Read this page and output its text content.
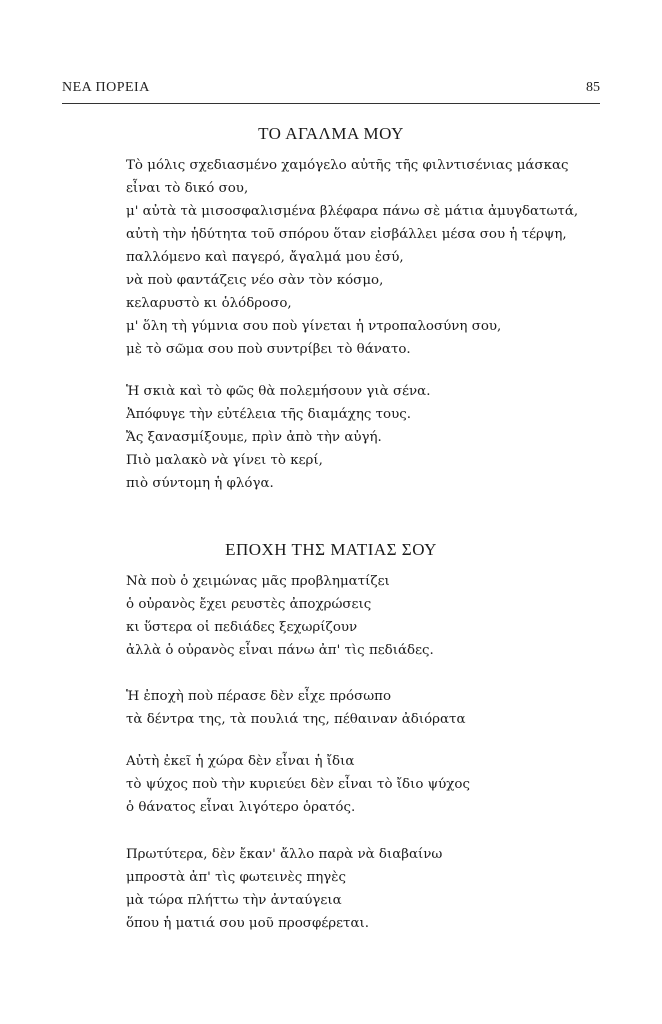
ΝΕΑ ΠΟΡΕΙΑ	85
ΤΟ ΑΓΑΛΜΑ ΜΟΥ
Τὸ μόλις σχεδιασμένο χαμόγελο αὐτῆς τῆς φιλντισένιας μάσκας
εἶναι τὸ δικό σου,
μ' αὐτὰ τὰ μισοσφαλισμένα βλέφαρα πάνω σὲ μάτια ἀμυγδατωτά,
αὐτὴ τὴν ἡδύτητα τοῦ σπόρου ὅταν εἰσβάλλει μέσα σου ἡ τέρψη,
παλλόμενο καὶ παγερό, ἄγαλμά μου ἐσύ,
νὰ ποὺ φαντάζεις νέο σὰν τὸν κόσμο,
κελαρυστὸ κι ὁλόδροσο,
μ' ὅλη τὴ γύμνια σου ποὺ γίνεται ἡ ντροπαλοσύνη σου,
μὲ τὸ σῶμα σου ποὺ συντρίβει τὸ θάνατο.
Ἡ σκιὰ καὶ τὸ φῶς θὰ πολεμήσουν γιὰ σένα.
Ἀπόφυγε τὴν εὐτέλεια τῆς διαμάχης τους.
Ἄς ξανασμίξουμε, πρὶν ἀπὸ τὴν αὐγή.
Πιὸ μαλακὸ νὰ γίνει τὸ κερί,
πιὸ σύντομη ἡ φλόγα.
ΕΠΟΧΗ ΤΗΣ ΜΑΤΙΑΣ ΣΟΥ
Νὰ ποὺ ὁ χειμώνας μᾶς προβληματίζει
ὁ οὐρανὸς ἔχει ρευστὲς ἀποχρώσεις
κι ὕστερα οἱ πεδιάδες ξεχωρίζουν
ἀλλὰ ὁ οὐρανὸς εἶναι πάνω ἀπ' τὶς πεδιάδες.
Ἡ ἐποχὴ ποὺ πέρασε δὲν εἶχε πρόσωπο
τὰ δέντρα της, τὰ πουλιά της, πέθαιναν ἀδιόρατα
Αὐτὴ ἐκεῖ ἡ χώρα δὲν εἶναι ἡ ἴδια
τὸ ψύχος ποὺ τὴν κυριεύει δὲν εἶναι τὸ ἴδιο ψύχος
ὁ θάνατος εἶναι λιγότερο ὁρατός.
Πρωτύτερα, δὲν ἔκαν' ἄλλο παρὰ νὰ διαβαίνω
μπροστὰ ἀπ' τὶς φωτεινὲς πηγὲς
μὰ τώρα πλήττω τὴν ἀνταύγεια
ὅπου ἡ ματιά σου μοῦ προσφέρεται.
